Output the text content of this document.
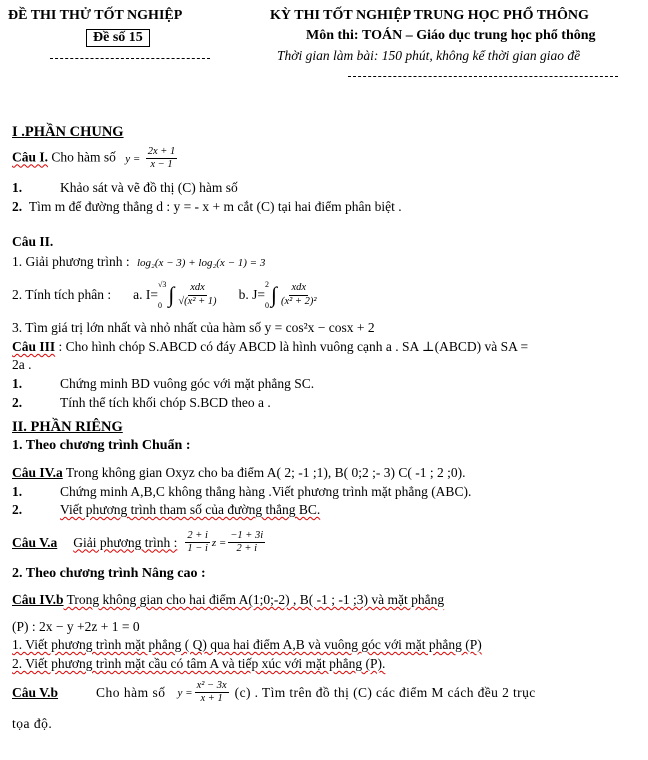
ĐỀ THI THỬ TỐT NGHIỆP
Đề số 15
KỲ THI TỐT NGHIỆP TRUNG HỌC PHỔ THÔNG
Môn thi: TOÁN – Giáo dục trung học phổ thông
Thời gian làm bài: 150 phút, không kể thời gian giao đề
I .PHẦN CHUNG
Câu I. Cho hàm số $y = \frac{2x + 1}{x - 1}$
1.	Khảo sát và vẽ đồ thị (C) hàm số
2. Tìm m để đường thẳng d : y = - x + m cắt (C) tại hai điểm phân biệt .
Câu II.
1. Giải phương trình : log₂(x − 3) + log₂(x − 1) = 3
2. Tính tích phân : a. I=
√3
0 ∫ $\frac{\text{xdx}}{\text{√(x² + 1)}} b$. J=
2
0 ∫ $\frac{\text{xdx}}{\text{(x² + 2)²}}$
3. Tìm giá trị lớn nhất và nhỏ nhất của hàm số y = cos²x − cosx + 2
Câu III : Cho hình chóp S.ABCD có đáy ABCD là hình vuông cạnh a . SA ⊥(ABCD) và SA =
2a .
1.	Chứng minh BD vuông góc với mặt phẳng SC.
2.	Tính thể tích khối chóp S.BCD theo a .
II. PHẦN RIÊNG
1. Theo chương trình Chuẩn :
Câu IV.a Trong không gian Oxyz cho ba điểm A( 2; -1 ;1), B( 0;2 ;- 3) C( -1 ; 2 ;0).
1.	Chứng minh A,B,C không thẳng hàng .Viết phương trình mặt phẳng (ABC).
2.	Viết phương trình tham số của đường thẳng BC.
Câu V.a Giải phương trình : $\frac{2 + i}{1 - i}$ $z = \frac{-1 + 3i}{2 + i}$
2. Theo chương trình Nâng cao :
Câu IV.b Trong không gian cho hai điểm A(1;0;-2) , B( -1 ; -1 ;3) và mặt phẳng
(P) : 2x − y +2z + 1 = 0
1. Viết phương trình mặt phẳng ( Q) qua hai điểm A,B và vuông góc với mặt phẳng (P)
2. Viết phương trình mặt cầu có tâm A và tiếp xúc với mặt phẳng (P).
Câu V.b	Cho hàm số $y = \frac{\text{x² − 3x}}{x + 1} (c)$ . Tìm trên đồ thị (C) các điểm M cách đều 2 trục
tọa độ.
